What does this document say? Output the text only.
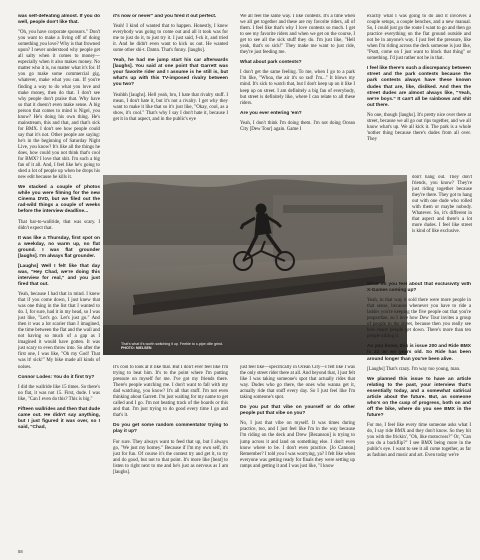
was self-defeating almost. If you do well, people don't like that.

"Oh, you have corporate sponsors." Don't you want to make a living off of doing something you love? Why is that frowned upon? I never understood why people get all salty when it comes to money—especially when it also makes money. No matter who it is, no matter what it's for. If you go make some commercial gig, whatever, make what you can. If you're finding a way to do what you love and make money, then do that. I don't see why people don't praise that. Why have so that it doesn't even make sense. A big person that comes to mind is Nigel, you know? He's doing his own thing. He's mainstream, this and that, and that's sick for BMX. I don't see how people could say that it's not. Other people are saying: he's in the beginning of Saturday Night Live, you know? It's like all the things he does, how could you not think that's cool for BMX? I love that shit. I'm such a big fan of it all. And, I feel like he's going to shed a lot of people up when he drops his new edit because he kills it.

We stacked a couple of photos while you were filming for the new Cinema DVD, but we filed out the rad-wild things a couple of weeks before the interview deadline...

That bar-to-wallride, that was scary. I didn't expect that.

It was like a Thursday, first spot on a weekday, no warm up, no flat ground. I was flat grounder [laughs]. I'm always flat grounder.

[Laughs] Well I felt like that day was, "Hey Chad, we're doing this interview for real," and you just fired that out.

Yeah, because I had that in mind. I knew that if you come down, I just knew that was one thing in the list that I wanted to do. I, for sure, had it in my head, so I was just like, "Let's go. Let's just go." And then it was a lot scarier than I imagined, the time between the flat and the wall and not having so much of a gap as I imagined it would have gotten. It was just scary to even throw into. So after the first one, I was like, "Oh my God! That was it! sick!" My bike made all kinds of noises.

Connor Lodes: You do it first try?

I did the wallride like 15 times. So there's no flat, it was not 15. First, dude. I was like, "Can I even do this? This is big."

Fifteen wallrides and then that dude came out. He didn't say anything, but I just figured it was over, so I said, "Chad,

it's now or never" and you fired it out perfect.

Yeah! I kind of wanted that to happen. Honestly, I knew everybody was going to come out and all it took was for me to just do it, to just try it. I just said, f-ck it, and tried it. And he didn't even want to kick us out. He wanted some other shi-t. Damn. That's funny. [laughs].

Yeah, he had me jump start his car afterwards [laughs]. You said at one point that Garrett was your favorite rider and I assume is he still is, but what's up with this TV-imposed rivalry between you two?

Yeahhh [laughs]. Hell yeah, bro, I hate that rivalry stuff. I mean, I don't hate it, but it's not a rivalry. I get why they want to make it like that so it's just like, "Okay, cool, as a show, it's cool." That's why I say I don't hate it, because I get it in that aspect, and in the public's eye

We all feel the same way. I like contests. It's a time when we all get together and these are my favorite riders, all of them. I feel like that's why I love contests so much. I get to see my favorite riders and when we get on the course, I get to see all the sick stuff they do. I'm just like, "Hell yeah, that's so sick!" They make me want to just ride, they're just feeding me.

What about park contests?

I don't get the same feeling. To me, when I go to a park I'm like, "Whoa, the air it's so rad! I'm..." It blows my mind. It's sick to watch that, but I don't keep up on it like I keep up on street. I am definitely a big fan of everybody, but street is definitely like, where I can relate to all these riders.

Are you ever entering 'em?

Yeah, I don't think I'm doing them. I'm not doing Ocean City [Dew Tour] again. Game I

exactly what I was going to do and it involves a couple setups, a couple benches, and a new manual. So, I could just go the route I want to go and then go practice everything on the flat ground outside and not be in anyone's way. I just feel the pressure, like when I'm riding across the deck someone is just like, "Psstt, come on I just want to block that thing" or something. I'd just rather not be in that.

I feel like there's such a discrepancy between street and the park contests because the park contests always have these known dudes that are, like, disliked. And then the street dudes are almost always like, "Yeah, we're boys." It can't all be rainbows and shit out there.

No one, though [laughs]. It's pretty nice over there at street, because we all go out rips together, and we all know what's up. We all kick it. The park is a whole 'nother thing because there's dudes from all over. They

don't hang out. They don't friends, you know? They're just riding together because they're there. They got to hang out with one dude who rolled with them or maybe nobody. Whatever. So, it's different in that aspect and there's a lot more dudes. I feel like street is kind of like exclusive.

That's what it's worth switching it up. Feeble to x-pipe ollie grind.
PHOTO: NIELSEN

It's cool to look at it like that. But I don't ever feel like I'm trying to beat him. It's to the point where I'm putting pressure on myself for me. I've got my friends there. There's people watching me. I don't want to fall with my dad watching, you know? It's all that stuff. I'm not even thinking about Garrett. I'm just waiting for my name to get called and I go. I'm not beating track of the boards or this and that. I'm just trying to do good every time I go and that's it.

Do you get some random commentator trying to play it up?

For sure. They always want to feed that up, but I always go, "We just my homey." Because if I'm my own self, it's just for fun. Of course it's the contest try and get it, to try and do good, but not to that point. It's more like [beat] to listen to right next to me and he's just as nervous as I am [laughs].

just feel like—specifically in Ocean City—I felt like I was the only street rider there at all. And beyond that, I just felt like I was taking someone's spot that actually rides that way. Dudes who go there, the ones who wanna get it, actually ride that stuff every day. So I just feel like I'm taking someone's spot.

Do you put that vibe on yourself or do other people put that vibe on you?

No, I just that vibe on myself. It was times during practice, too, and I just feel like I'm in the way because I'm riding on the deck and Drew [Bezanson] is trying to jump across it and land on something else. I don't even know where to be. I don't even practice. [Jo Cannon] Remember? I told you I was worrying, ya? I felt like when everyone was getting ready for finals they were setting up ramps and getting it and I was just like, "I know

What do you feel about that exclusivity with X-Games coming up?

Yeah, in that way it sold there were more people in that sense, because whenever you have to ride a ladder you're keeping the five people out that you're jeopardize, so I love how Dew Tour invites a group of people to the street, because then you really see how many people get down. There's more than ten people killing it.

As you know, this is issue 200 and Ride BMX is 22 or so years old. So Ride has been around longer than you've been alive.

[Laughs] That's crazy. I'm way too young, man.

We planned this issue to have an article relating to the past, your interview that's essentially today, and a somewhat satirical article about the future. But, as someone who's on the cusp of progress, both on and off the bike, where do you see BMX in the future?

For me, I feel like every time someone asks what I do, I say ride BMX and they don't know. So they hit you with the frickin', "Oh, like motocross?" Or, "Can you do a backflip?" I see BMX being more in the public's eye. I want to see it all come together, as far as fashion and music and art. Even today we're

58
